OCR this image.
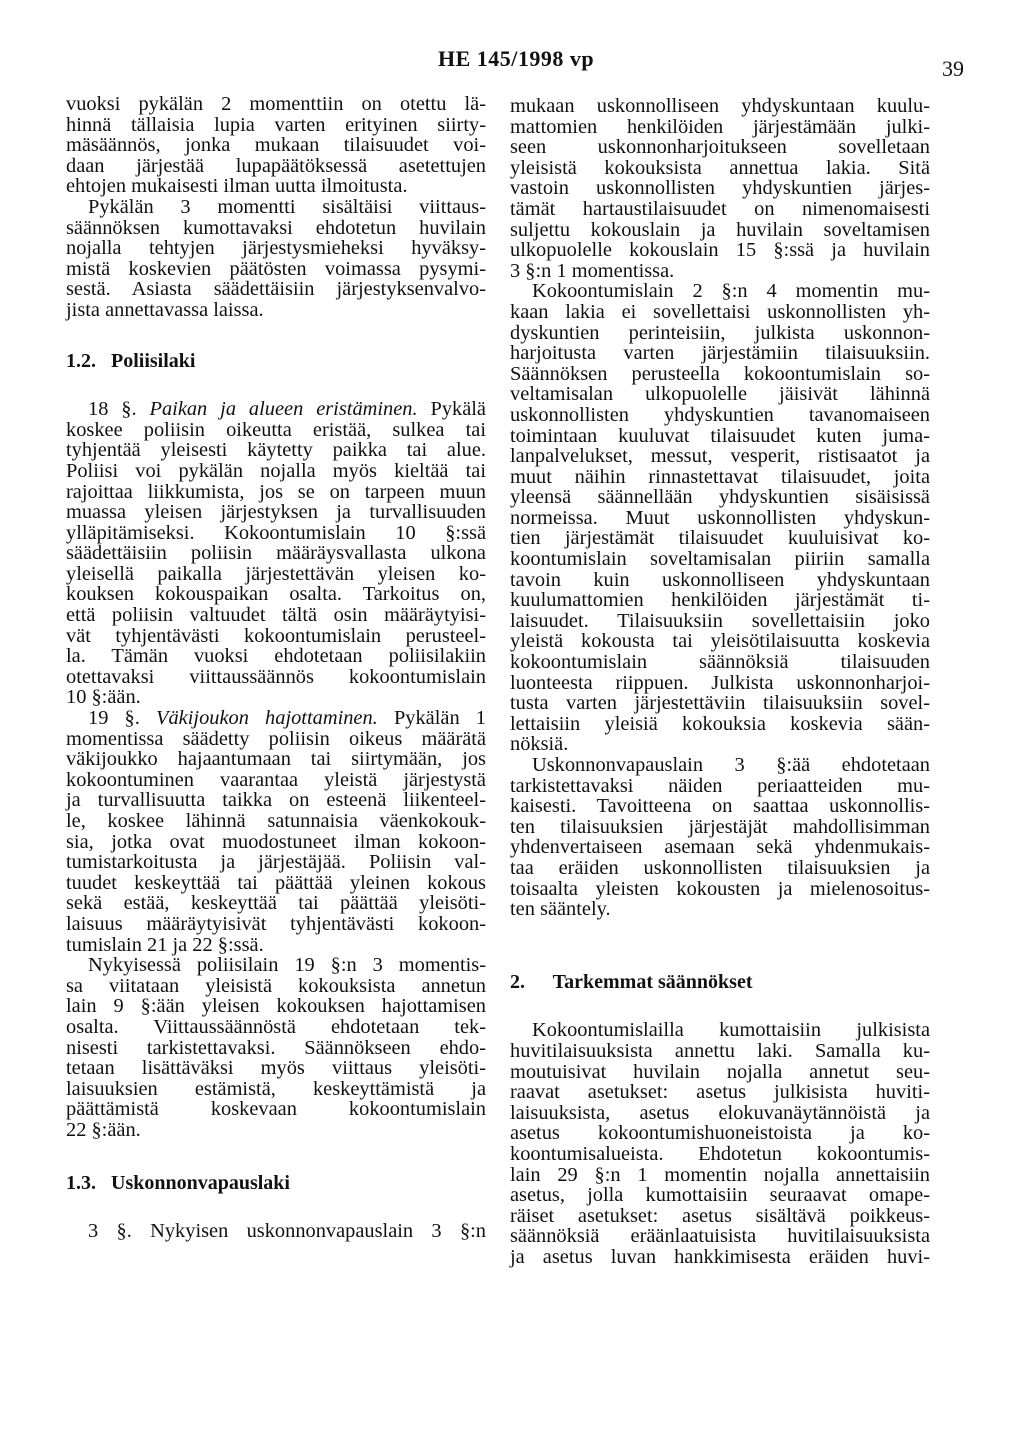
HE 145/1998 vp	39
vuoksi pykälän 2 momenttiin on otettu lä-
hinnä tällaisia lupia varten erityinen siirty-
mäsäännös, jonka mukaan tilaisuudet voi-
daan järjestää lupapäätöksessä asetettujen
ehtojen mukaisesti ilman uutta ilmoitusta.
Pykälän 3 momentti sisältäisi viittaus-
säännöksen kumottavaksi ehdotetun huvilain
nojalla tehtyjen järjestysmieheksi hyväksy-
mistä koskevien päätösten voimassa pysymi-
sestä. Asiasta säädettäisiin järjestyksenvalvo-
jista annettavassa laissa.
1.2. Poliisilaki
18 §. Paikan ja alueen eristäminen. Pykälä
koskee poliisin oikeutta eristää, sulkea tai
tyhjentää yleisesti käytetty paikka tai alue.
Poliisi voi pykälän nojalla myös kieltää tai
rajoittaa liikkumista, jos se on tarpeen muun
muassa yleisen järjestyksen ja turvallisuuden
ylläpitämiseksi. Kokoontumislain 10 §:ssä
säädettäisiin poliisin määräysvallasta ulkona
yleisellä paikalla järjestettävän yleisen ko-
kouksen kokouspaikan osalta. Tarkoitus on,
että poliisin valtuudet tältä osin määräytyisi-
vät tyhjentävästi kokoontumislain perusteel-
la. Tämän vuoksi ehdotetaan poliisilakiin
otettavaksi viittaussäännös kokoontumislain
10 §:ään.
19 §. Väkijoukon hajottaminen. Pykälän 1
momentissa säädetty poliisin oikeus määrätä
väkijoukko hajaantumaan tai siirtymään, jos
kokoontuminen vaarantaa yleistä järjestystä
ja turvallisuutta taikka on esteenä liikenteel-
le, koskee lähinnä satunnaisia väenkokouk-
sia, jotka ovat muodostuneet ilman kokoon-
tumistarkoitusta ja järjestäjää. Poliisin val-
tuudet keskeyttää tai päättää yleinen kokous
sekä estää, keskeyttää tai päättää yleisöti-
laisuus määräytyisivät tyhjentävästi kokoon-
tumislain 21 ja 22 §:ssä.
Nykyisessä poliisilain 19 §:n 3 momentis-
sa viitataan yleisistä kokouksista annetun
lain 9 §:ään yleisen kokouksen hajottamisen
osalta. Viittaussäännöstä ehdotetaan tek-
nisesti tarkistettavaksi. Säännökseen ehdo-
tetaan lisättäväksi myös viittaus yleisöti-
laisuuksien estämistä, keskeyttämistä ja
päättämistä koskevaan kokoontumislain
22 §:ään.
1.3. Uskonnonvapauslaki
3 §. Nykyisen uskonnonvapauslain 3 §:n
mukaan uskonnolliseen yhdyskuntaan kuulu-
mattomien henkilöiden järjestämään julki-
seen uskonnonharjoitukseen sovelletaan
yleisistä kokouksista annettua lakia. Sitä
vastoin uskonnollisten yhdyskuntien järjes-
tämät hartaustilaisuudet on nimenomaisesti
suljettu kokouslain ja huvilain soveltamisen
ulkopuolelle kokouslain 15 §:ssä ja huvilain
3 §:n 1 momentissa.
Kokoontumislain 2 §:n 4 momentin mu-
kaan lakia ei sovellettaisi uskonnollisten yh-
dyskuntien perinteisiin, julkista uskonnon-
harjoitusta varten järjestämiin tilaisuuksiin.
Säännöksen perusteella kokoontumislain so-
veltamisalan ulkopuolelle jäisivät lähinnä
uskonnollisten yhdyskuntien tavanomaiseen
toimintaan kuuluvat tilaisuudet kuten juma-
lanpalvelukset, messut, vesperit, ristisaatot ja
muut näihin rinnastettavat tilaisuudet, joita
yleensä säännellään yhdyskuntien sisäisissä
normeissa. Muut uskonnollisten yhdyskun-
tien järjestämät tilaisuudet kuuluisivat ko-
koontumislain soveltamisalan piiriin samalla
tavoin kuin uskonnolliseen yhdyskuntaan
kuulumattomien henkilöiden järjestämät ti-
laisuudet. Tilaisuuksiin sovellettaisiin joko
yleistä kokousta tai yleisötilaisuutta koskevia
kokoontumislain säännöksiä tilaisuuden
luonteesta riippuen. Julkista uskonnonharjoi-
tusta varten järjestettäviin tilaisuuksiin sovel-
lettaisiin yleisiä kokouksia koskevia sään-
nöksiä.
Uskonnonvapauslain 3 §:ää ehdotetaan
tarkistettavaksi näiden periaatteiden mu-
kaisesti. Tavoitteena on saattaa uskonnollis-
ten tilaisuuksien järjestäjät mahdollisimman
yhdenvertaiseen asemaan sekä yhdenmukais-
taa eräiden uskonnollisten tilaisuuksien ja
toisaalta yleisten kokousten ja mielenosoitus-
ten sääntely.
2. Tarkemmat säännökset
Kokoontumislailla kumottaisiin julkisista
huvitilaisuuksista annettu laki. Samalla ku-
moutuisivat huvilain nojalla annetut seu-
raavat asetukset: asetus julkisista huviti-
laisuuksista, asetus elokuvanäytännöistä ja
asetus kokoontumishuoneistoista ja ko-
koontumisalueista. Ehdotetun kokoontumis-
lain 29 §:n 1 momentin nojalla annettaisiin
asetus, jolla kumottaisiin seuraavat omape-
räiset asetukset: asetus sisältävä poikkeus-
säännöksiä eräänlaatuisista huvitilaisuuksista
ja asetus luvan hankkimisesta eräiden huvi-
